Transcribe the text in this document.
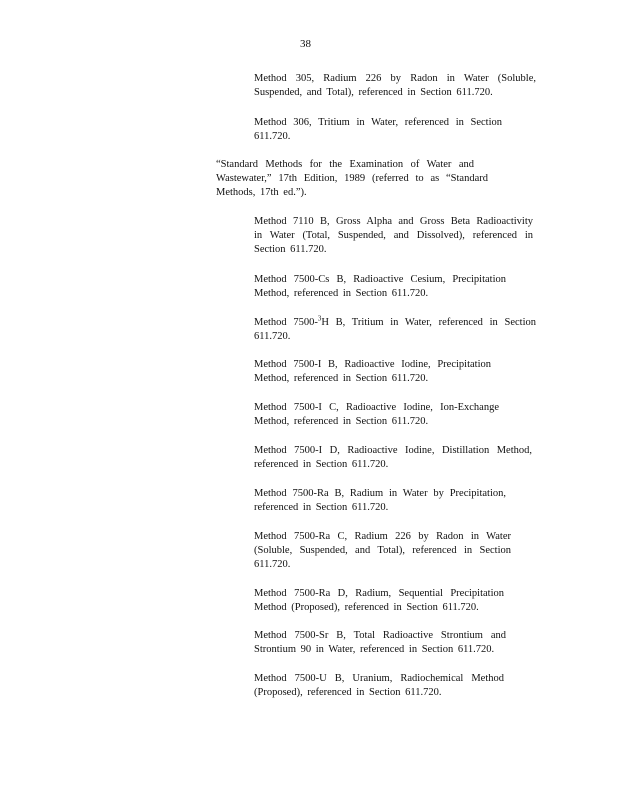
38
Method 305, Radium 226 by Radon in Water (Soluble,
Suspended, and Total), referenced in Section 611.720.
Method 306, Tritium in Water, referenced in Section
611.720.
“Standard Methods for the Examination of Water and
Wastewater,” 17th Edition, 1989 (referred to as “Standard
Methods, 17th ed.”).
Method 7110 B, Gross Alpha and Gross Beta Radioactivity
in Water (Total, Suspended, and Dissolved), referenced in
Section 611.720.
Method 7500-Cs B, Radioactive Cesium, Precipitation
Method, referenced in Section 611.720.
Method 7500-$^3$H B, Tritium in Water, referenced in Section
611.720.
Method 7500-I B, Radioactive Iodine, Precipitation
Method, referenced in Section 611.720.
Method 7500-I C, Radioactive Iodine, Ion-Exchange
Method, referenced in Section 611.720.
Method 7500-I D, Radioactive Iodine, Distillation Method,
referenced in Section 611.720.
Method 7500-Ra B, Radium in Water by Precipitation,
referenced in Section 611.720.
Method 7500-Ra C, Radium 226 by Radon in Water
(Soluble, Suspended, and Total), referenced in Section
611.720.
Method 7500-Ra D, Radium, Sequential Precipitation
Method (Proposed), referenced in Section 611.720.
Method 7500-Sr B, Total Radioactive Strontium and
Strontium 90 in Water, referenced in Section 611.720.
Method 7500-U B, Uranium, Radiochemical Method
(Proposed), referenced in Section 611.720.
